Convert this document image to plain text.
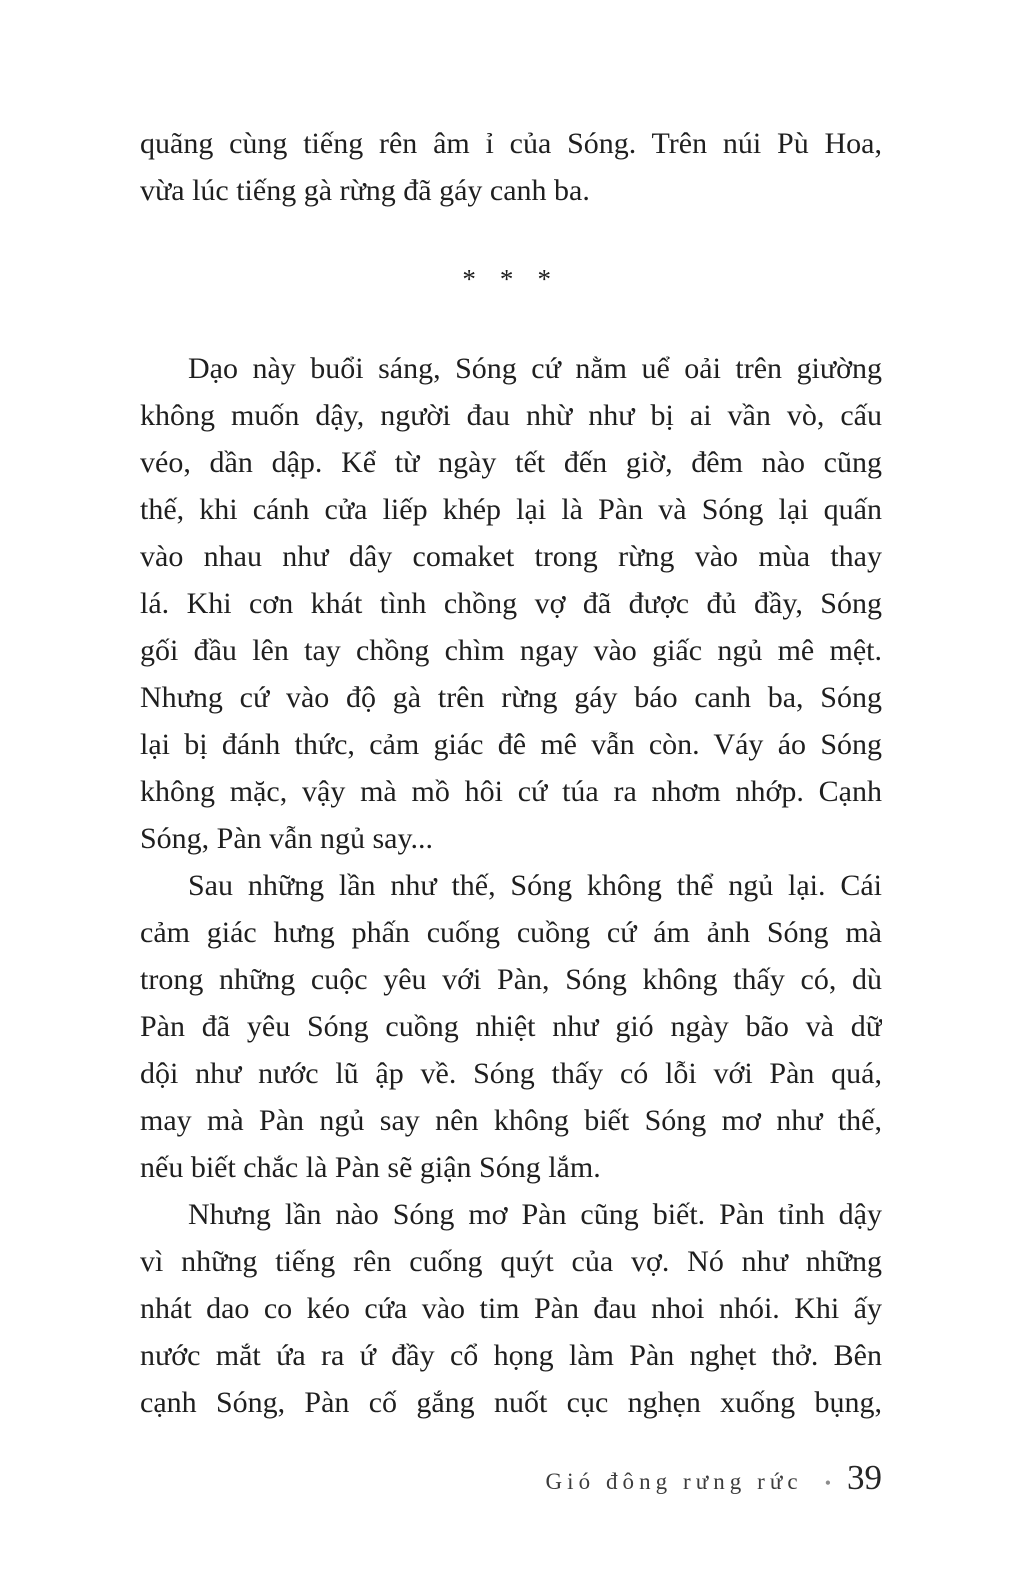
quãng cùng tiếng rên âm ỉ của Sóng. Trên núi Pù Hoa,
vừa lúc tiếng gà rừng đã gáy canh ba.

* * *

Dạo này buổi sáng, Sóng cứ nằm uể oải trên giường
không muốn dậy, người đau nhừ như bị ai vần vò, cấu
véo, dần dập. Kể từ ngày tết đến giờ, đêm nào cũng
thế, khi cánh cửa liếp khép lại là Pàn và Sóng lại quấn
vào nhau như dây comaket trong rừng vào mùa thay
lá. Khi cơn khát tình chồng vợ đã được đủ đầy, Sóng
gối đầu lên tay chồng chìm ngay vào giấc ngủ mê mệt.
Nhưng cứ vào độ gà trên rừng gáy báo canh ba, Sóng
lại bị đánh thức, cảm giác đê mê vẫn còn. Váy áo Sóng
không mặc, vậy mà mồ hôi cứ túa ra nhơm nhớp. Cạnh
Sóng, Pàn vẫn ngủ say...

Sau những lần như thế, Sóng không thể ngủ lại. Cái
cảm giác hưng phấn cuống cuồng cứ ám ảnh Sóng mà
trong những cuộc yêu với Pàn, Sóng không thấy có, dù
Pàn đã yêu Sóng cuồng nhiệt như gió ngày bão và dữ
dội như nước lũ ập về. Sóng thấy có lỗi với Pàn quá,
may mà Pàn ngủ say nên không biết Sóng mơ như thế,
nếu biết chắc là Pàn sẽ giận Sóng lắm.

Nhưng lần nào Sóng mơ Pàn cũng biết. Pàn tỉnh dậy
vì những tiếng rên cuống quýt của vợ. Nó như những
nhát dao co kéo cứa vào tim Pàn đau nhoi nhói. Khi ấy
nước mắt ứa ra ứ đầy cổ họng làm Pàn nghẹt thở. Bên
cạnh Sóng, Pàn cố gắng nuốt cục nghẹn xuống bụng,

Gió đông rưng rức • 39
